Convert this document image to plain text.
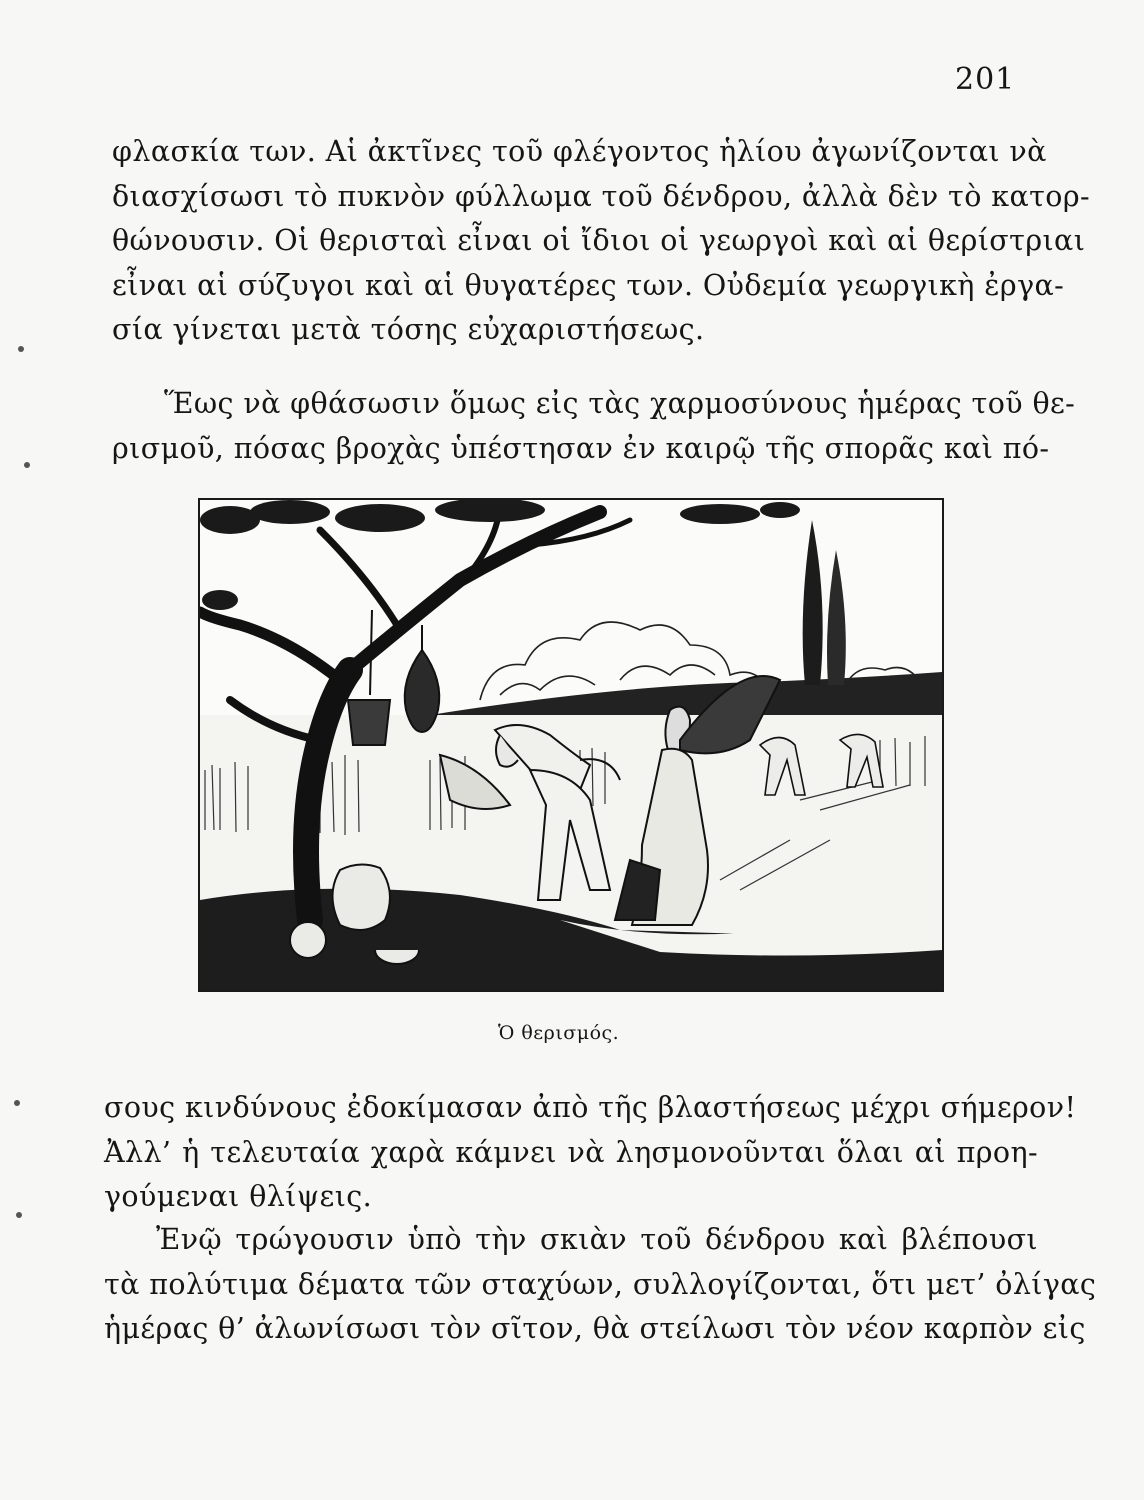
201

φλασκία των. Αἱ ἀκτῖνες τοῦ φλέγοντος ἡλίου ἀγωνίζονται νὰ
διασχίσωσι τὸ πυκνὸν φύλλωμα τοῦ δένδρου, ἀλλὰ δὲν τὸ κατορ-
θώνουσιν. Οἱ θερισταὶ εἶναι οἱ ἴδιοι οἱ γεωργοὶ καὶ αἱ θερίστριαι
εἶναι αἱ σύζυγοι καὶ αἱ θυγατέρες των. Οὐδεμία γεωργικὴ ἐργα-
σία γίνεται μετὰ τόσης εὐχαριστήσεως.

Ἕως νὰ φθάσωσιν ὅμως εἰς τὰς χαρμοσύνους ἡμέρας τοῦ θε-
ρισμοῦ, πόσας βροχὰς ὑπέστησαν ἐν καιρῷ τῆς σπορᾶς καὶ πό-

Ὁ θερισμός.

σους κινδύνους ἐδοκίμασαν ἀπὸ τῆς βλαστήσεως μέχρι σήμερον!
Ἀλλ’ ἡ τελευταία χαρὰ κάμνει νὰ λησμονοῦνται ὅλαι αἱ προη-
γούμεναι θλίψεις.

Ἐνῷ τρώγουσιν ὑπὸ τὴν σκιὰν τοῦ δένδρου καὶ βλέπουσι
τὰ πολύτιμα δέματα τῶν σταχύων, συλλογίζονται, ὅτι μετ’ ὀλίγας
ἡμέρας θ’ ἀλωνίσωσι τὸν σῖτον, θὰ στείλωσι τὸν νέον καρπὸν εἰς
